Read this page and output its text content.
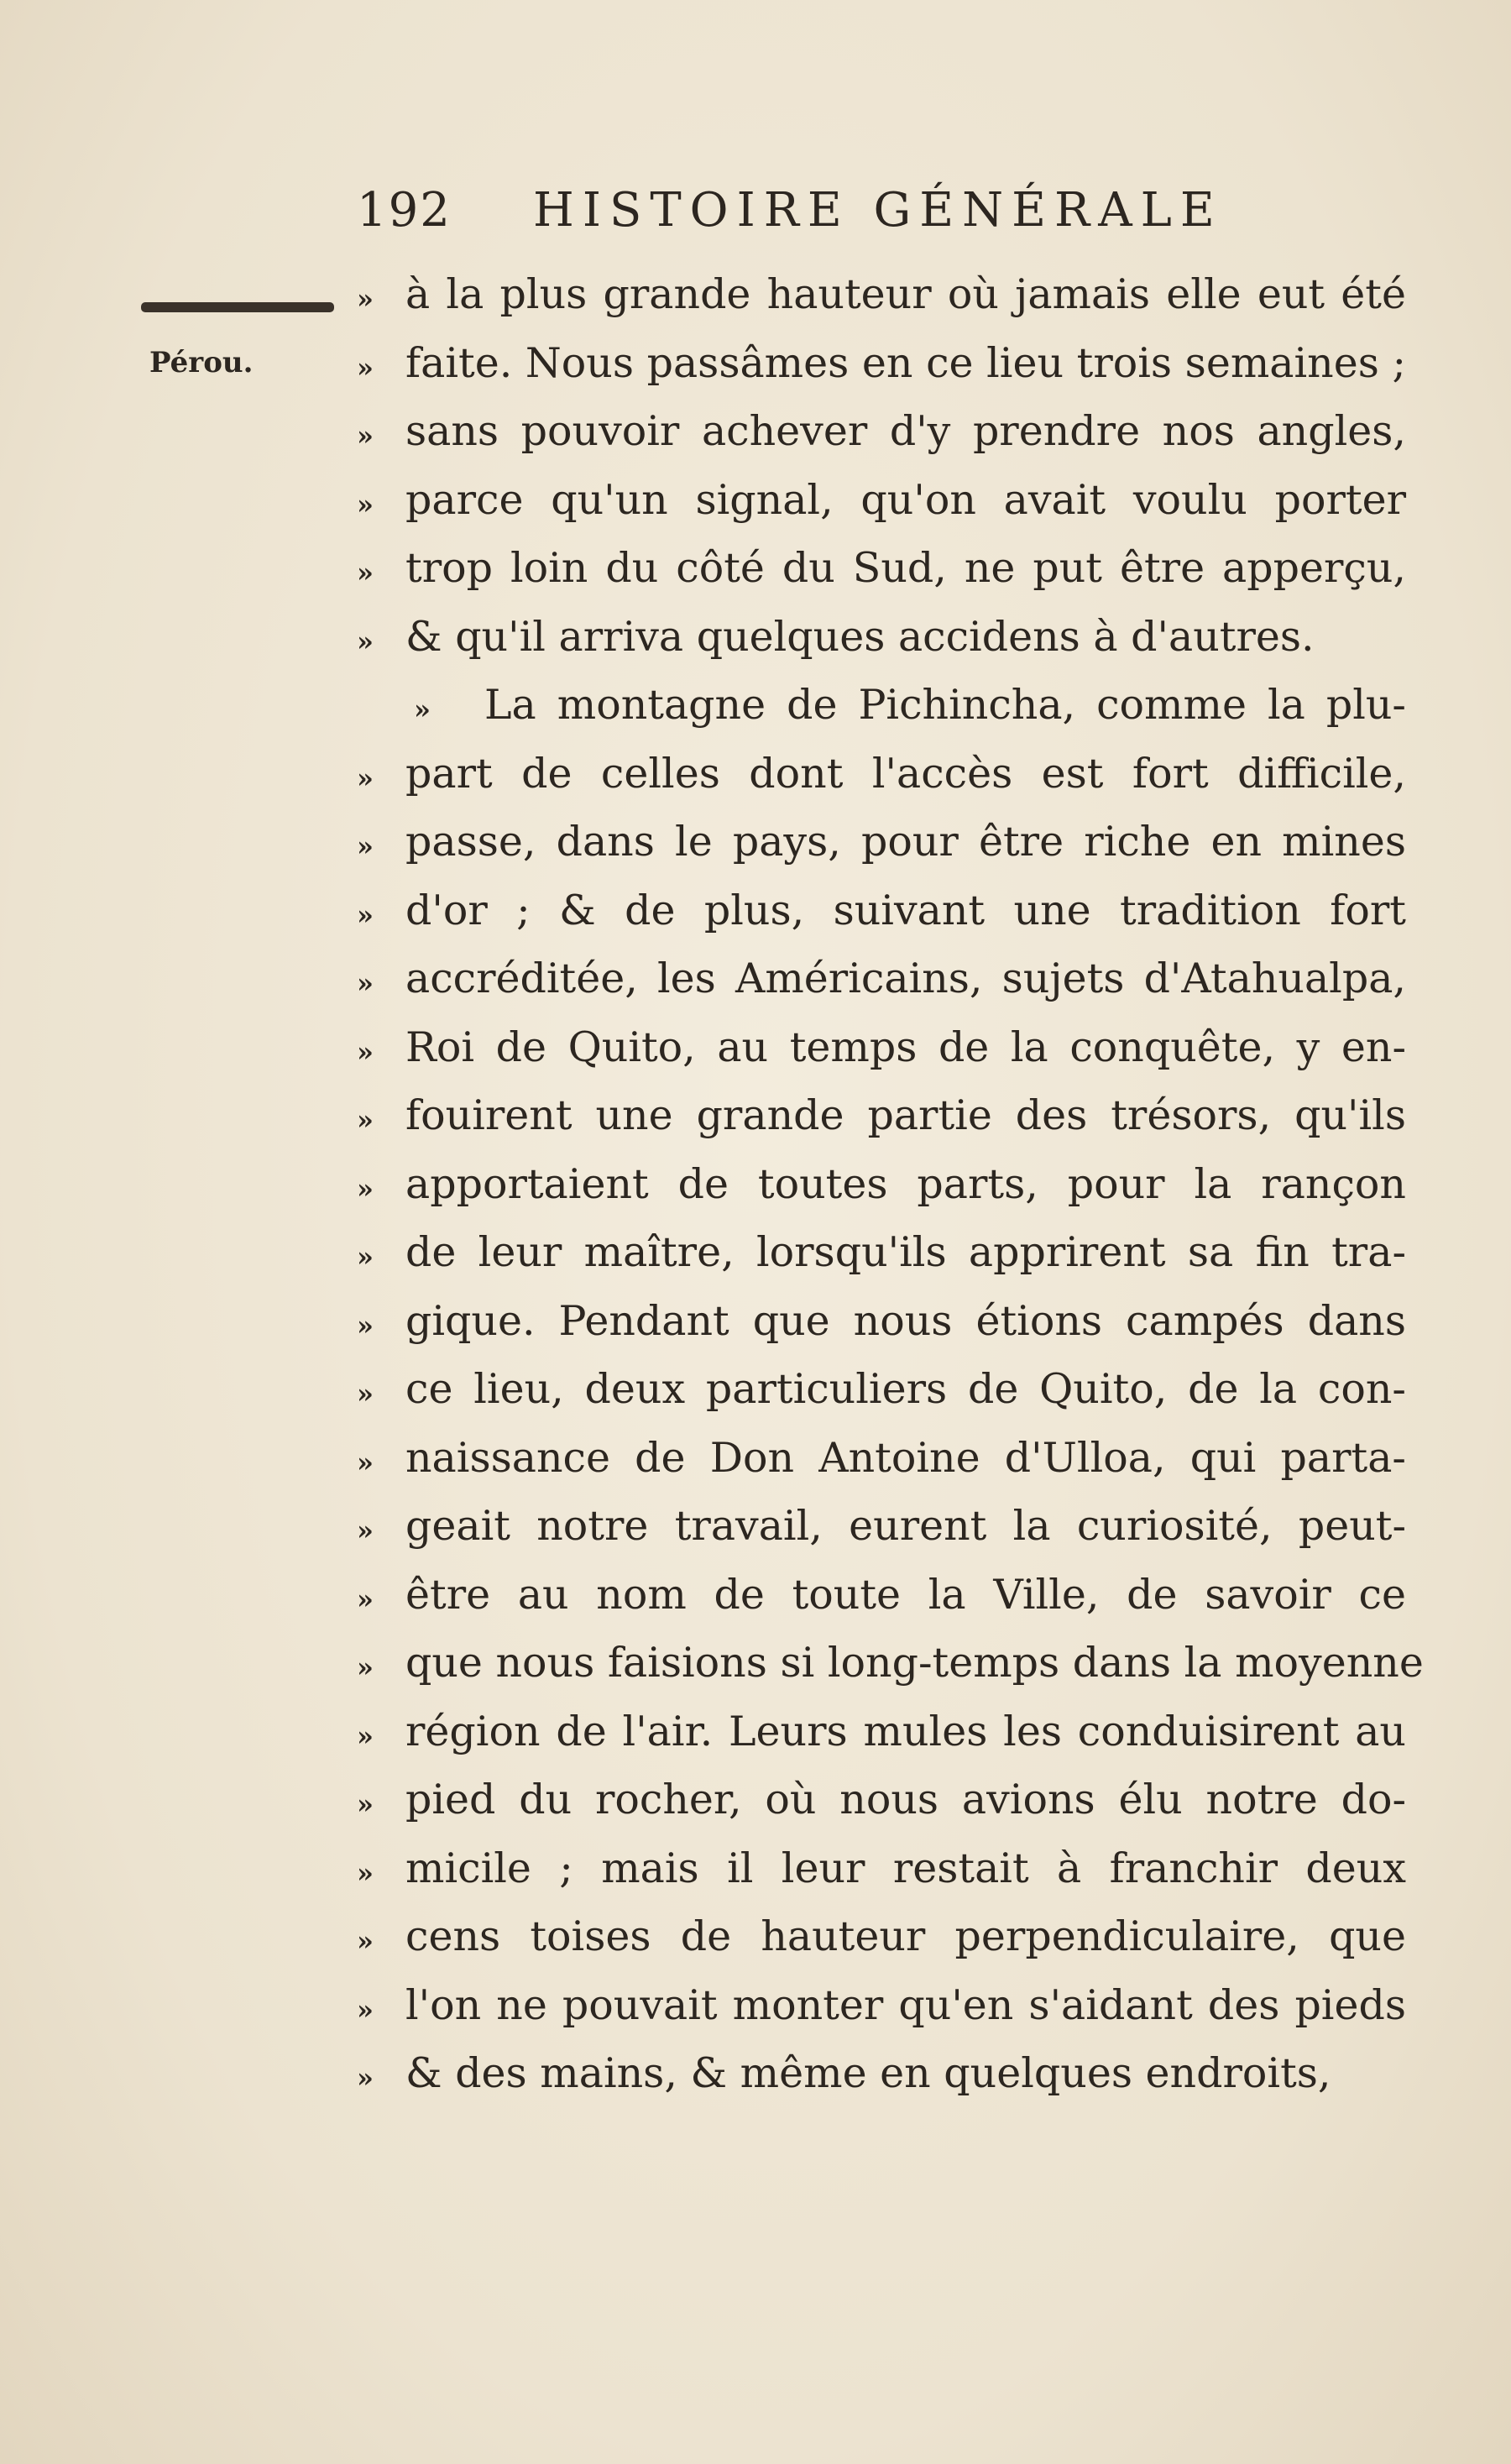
192 HISTOIRE GÉNÉRALE
Pérou.
» à la plus grande hauteur où jamais elle eut été
» faite. Nous passâmes en ce lieu trois semaines ;
» sans pouvoir achever d'y prendre nos angles,
» parce qu'un signal, qu'on avait voulu porter
» trop loin du côté du Sud, ne put être apperçu,
» & qu'il arriva quelques accidens à d'autres.
»	La montagne de Pichincha, comme la plu-
» part de celles dont l'accès est fort difficile,
» passe, dans le pays, pour être riche en mines
» d'or ; & de plus, suivant une tradition fort
» accréditée, les Américains, sujets d'Atahualpa,
» Roi de Quito, au temps de la conquête, y en-
» fouirent une grande partie des trésors, qu'ils
» apportaient de toutes parts, pour la rançon
» de leur maître, lorsqu'ils apprirent sa fin tra-
» gique. Pendant que nous étions campés dans
» ce lieu, deux particuliers de Quito, de la con-
» naissance de Don Antoine d'Ulloa, qui parta-
» geait notre travail, eurent la curiosité, peut-
» être au nom de toute la Ville, de savoir ce
» que nous faisions si long-temps dans la moyenne
» région de l'air. Leurs mules les conduisirent au
» pied du rocher, où nous avions élu notre do-
» micile ; mais il leur restait à franchir deux
» cens toises de hauteur perpendiculaire, que
» l'on ne pouvait monter qu'en s'aidant des pieds
» & des mains, & même en quelques endroits,
